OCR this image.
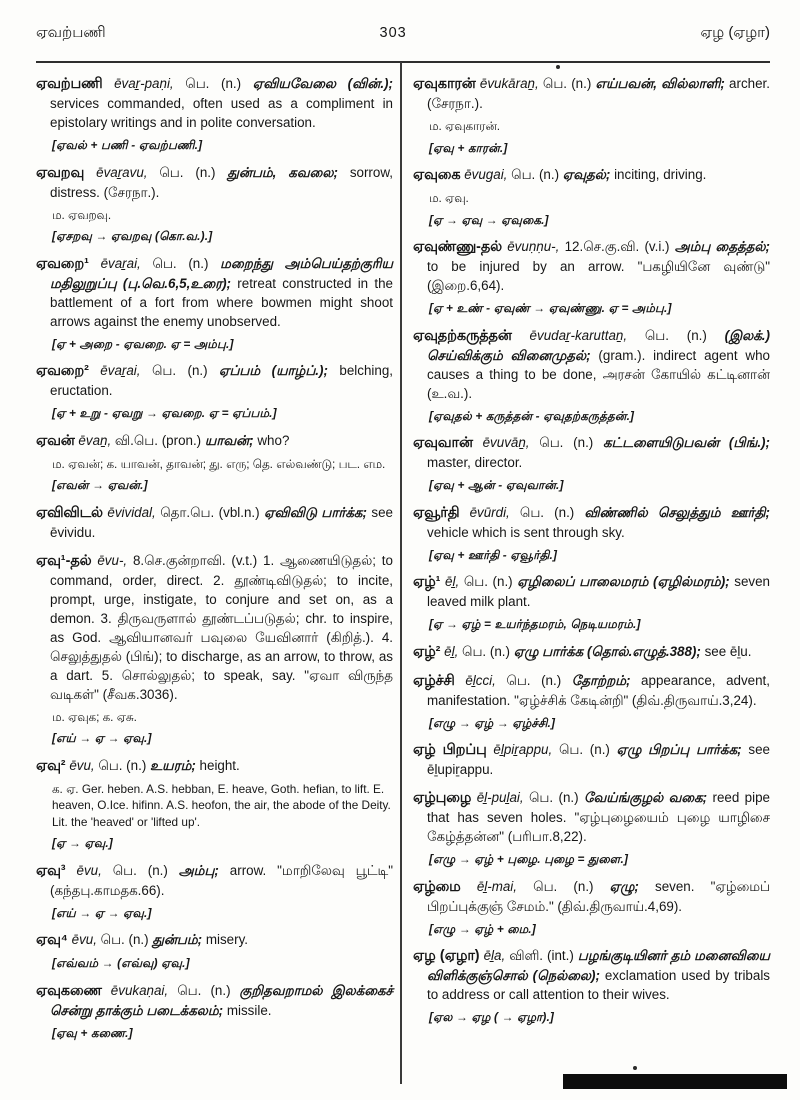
ஏவற்பணி	303	ஏழ (ஏழா)

ஏவற்பணி ēvaṟ-paṇi, பெ. (n.) ஏவியவேலை (வின்.); services commanded, often used as a compliment in epistolary writings and in polite conversation.

[ஏவல் + பணி - ஏவற்பணி.]

ஏவறவு ēvaṟavu, பெ. (n.) துன்பம், கவலை; sorrow, distress. (சேரநா.).

ம. ஏவறவு.

[ஏசறவு → ஏவறவு (கொ.வ.).]

ஏவறை¹ ēvaṟai, பெ. (n.) மறைந்து அம்பெய்தற்குரிய மதிலுறுப்பு (பு.வெ.6,5,உரை); retreat constructed in the battlement of a fort from where bowmen might shoot arrows against the enemy unobserved.

[ஏ + அறை - ஏவறை. ஏ = அம்பு.]

ஏவறை² ēvaṟai, பெ. (n.) ஏப்பம் (யாழ்ப்.); belching, eructation.

[ஏ + உறு - ஏவறு → ஏவறை. ஏ = ஏப்பம்.]

ஏவன் ēvaṉ, வி.பெ. (pron.) யாவன்; who?

ம. ஏவன்; க. யாவன், தாவன்; து. எரு; தெ. எல்வண்டு; பட. எம.

[எவன் → ஏவன்.]

ஏவிவிடல் ēvividal, தொ.பெ. (vbl.n.) ஏவிவிடு பார்க்க; see ēvividu.

ஏவு¹-தல் ēvu-, 8.செ.குன்றாவி. (v.t.) 1. ஆணையிடுதல்; to command, order, direct. 2. தூண்டிவிடுதல்; to incite, prompt, urge, instigate, to conjure and set on, as a demon. 3. திருவருளால் தூண்டப்படுதல்; chr. to inspire, as God. ஆவியானவர் பவுலை யேவினார் (கிறித்.). 4. செலுத்துதல் (பிங்); to discharge, as an arrow, to throw, as a dart. 5. சொல்லுதல்; to speak, say. "ஏவா விருந்த வடிகள்" (சீவக.3036).

ம. ஏவுக; க. ஏசு.

[எய் → ஏ → ஏவு.]

ஏவு² ēvu, பெ. (n.) உயரம்; height.

க. ஏ. Ger. heben. A.S. hebban, E. heave, Goth. hefian, to lift. E. heaven, O.Ice. hifinn. A.S. heofon, the air, the abode of the Deity. Lit. the 'heaved' or 'lifted up'.

[ஏ → ஏவு.]

ஏவு³ ēvu, பெ. (n.) அம்பு; arrow. "மாறிலேவு பூட்டி" (கந்தபு.காமதக.66).

[எய் → ஏ → ஏவு.]

ஏவு⁴ ēvu, பெ. (n.) துன்பம்; misery.

[எவ்வம் → (எவ்வு) ஏவு.]

ஏவுகணை ēvukaṇai, பெ. (n.) குறிதவறாமல் இலக்கைச் சென்று தாக்கும் படைக்கலம்; missile.

[ஏவு + கணை.]

ஏவுகாரன் ēvukāraṉ, பெ. (n.) எய்பவன், வில்லாளி; archer. (சேரநா.).

ம. ஏவுகாரன்.

[ஏவு + காரன்.]

ஏவுகை ēvugai, பெ. (n.) ஏவுதல்; inciting, driving.

ம. ஏவு.

[ஏ → ஏவு → ஏவுகை.]

ஏவுண்ணு-தல் ēvuṇṇu-, 12.செ.கு.வி. (v.i.) அம்பு தைத்தல்; to be injured by an arrow. "பகழியினே வுண்டு" (இறை.6,64).

[ஏ + உண் - ஏவுண் → ஏவுண்ணு. ஏ = அம்பு.]

ஏவுதற்கருத்தன் ēvudaṟ-karuttaṉ, பெ. (n.) (இலக்.) செய்விக்கும் வினைமுதல்; (gram.). indirect agent who causes a thing to be done, அரசன் கோயில் கட்டினான் (உ.வ.).

[ஏவுதல் + கருத்தன் - ஏவுதற்கருத்தன்.]

ஏவுவான் ēvuvāṉ, பெ. (n.) கட்டளையிடுபவன் (பிங்.); master, director.

[ஏவு + ஆன் - ஏவுவான்.]

ஏவூர்தி ēvūrdi, பெ. (n.) விண்ணில் செலுத்தும் ஊர்தி; vehicle which is sent through sky.

[ஏவு + ஊர்தி - ஏவூர்தி.]

ஏழ்¹ ēḻ, பெ. (n.) ஏழிலைப் பாலைமரம் (ஏழில்மரம்); seven leaved milk plant.

[ஏ → ஏழ் = உயர்ந்தமரம், நெடியமரம்.]

ஏழ்² ēḻ, பெ. (n.) ஏழு பார்க்க (தொல்.எழுத்.388); see ēḻu.

ஏழ்ச்சி ēḻcci, பெ. (n.) தோற்றம்; appearance, advent, manifestation. "ஏழ்ச்சிக் கேடின்றி" (திவ்.திருவாய்.3,24).

[எழு → ஏழ் → ஏழ்ச்சி.]

ஏழ் பிறப்பு ēḻpiṟappu, பெ. (n.) ஏழு பிறப்பு பார்க்க; see ēḻupiṟappu.

ஏழ்புழை ēḻ-puḻai, பெ. (n.) வேய்ங்குழல் வகை; reed pipe that has seven holes. "ஏழ்புழையைம் புழை யாழிசை கேழ்த்தன்ன" (பரிபா.8,22).

[எழு → ஏழ் + புழை. புழை = துளை.]

ஏழ்மை ēḻ-mai, பெ. (n.) ஏழு; seven. "ஏழ்மைப் பிறப்புக்குஞ் சேமம்." (திவ்.திருவாய்.4,69).

[எழு → ஏழ் + மை.]

ஏழ (ஏழா) ēḻa, விளி. (int.) பழங்குடியினர் தம் மனைவியை விளிக்குஞ்சொல் (நெல்லை); exclamation used by tribals to address or call attention to their wives.

[ஏல → ஏழ ( → ஏழா).]
